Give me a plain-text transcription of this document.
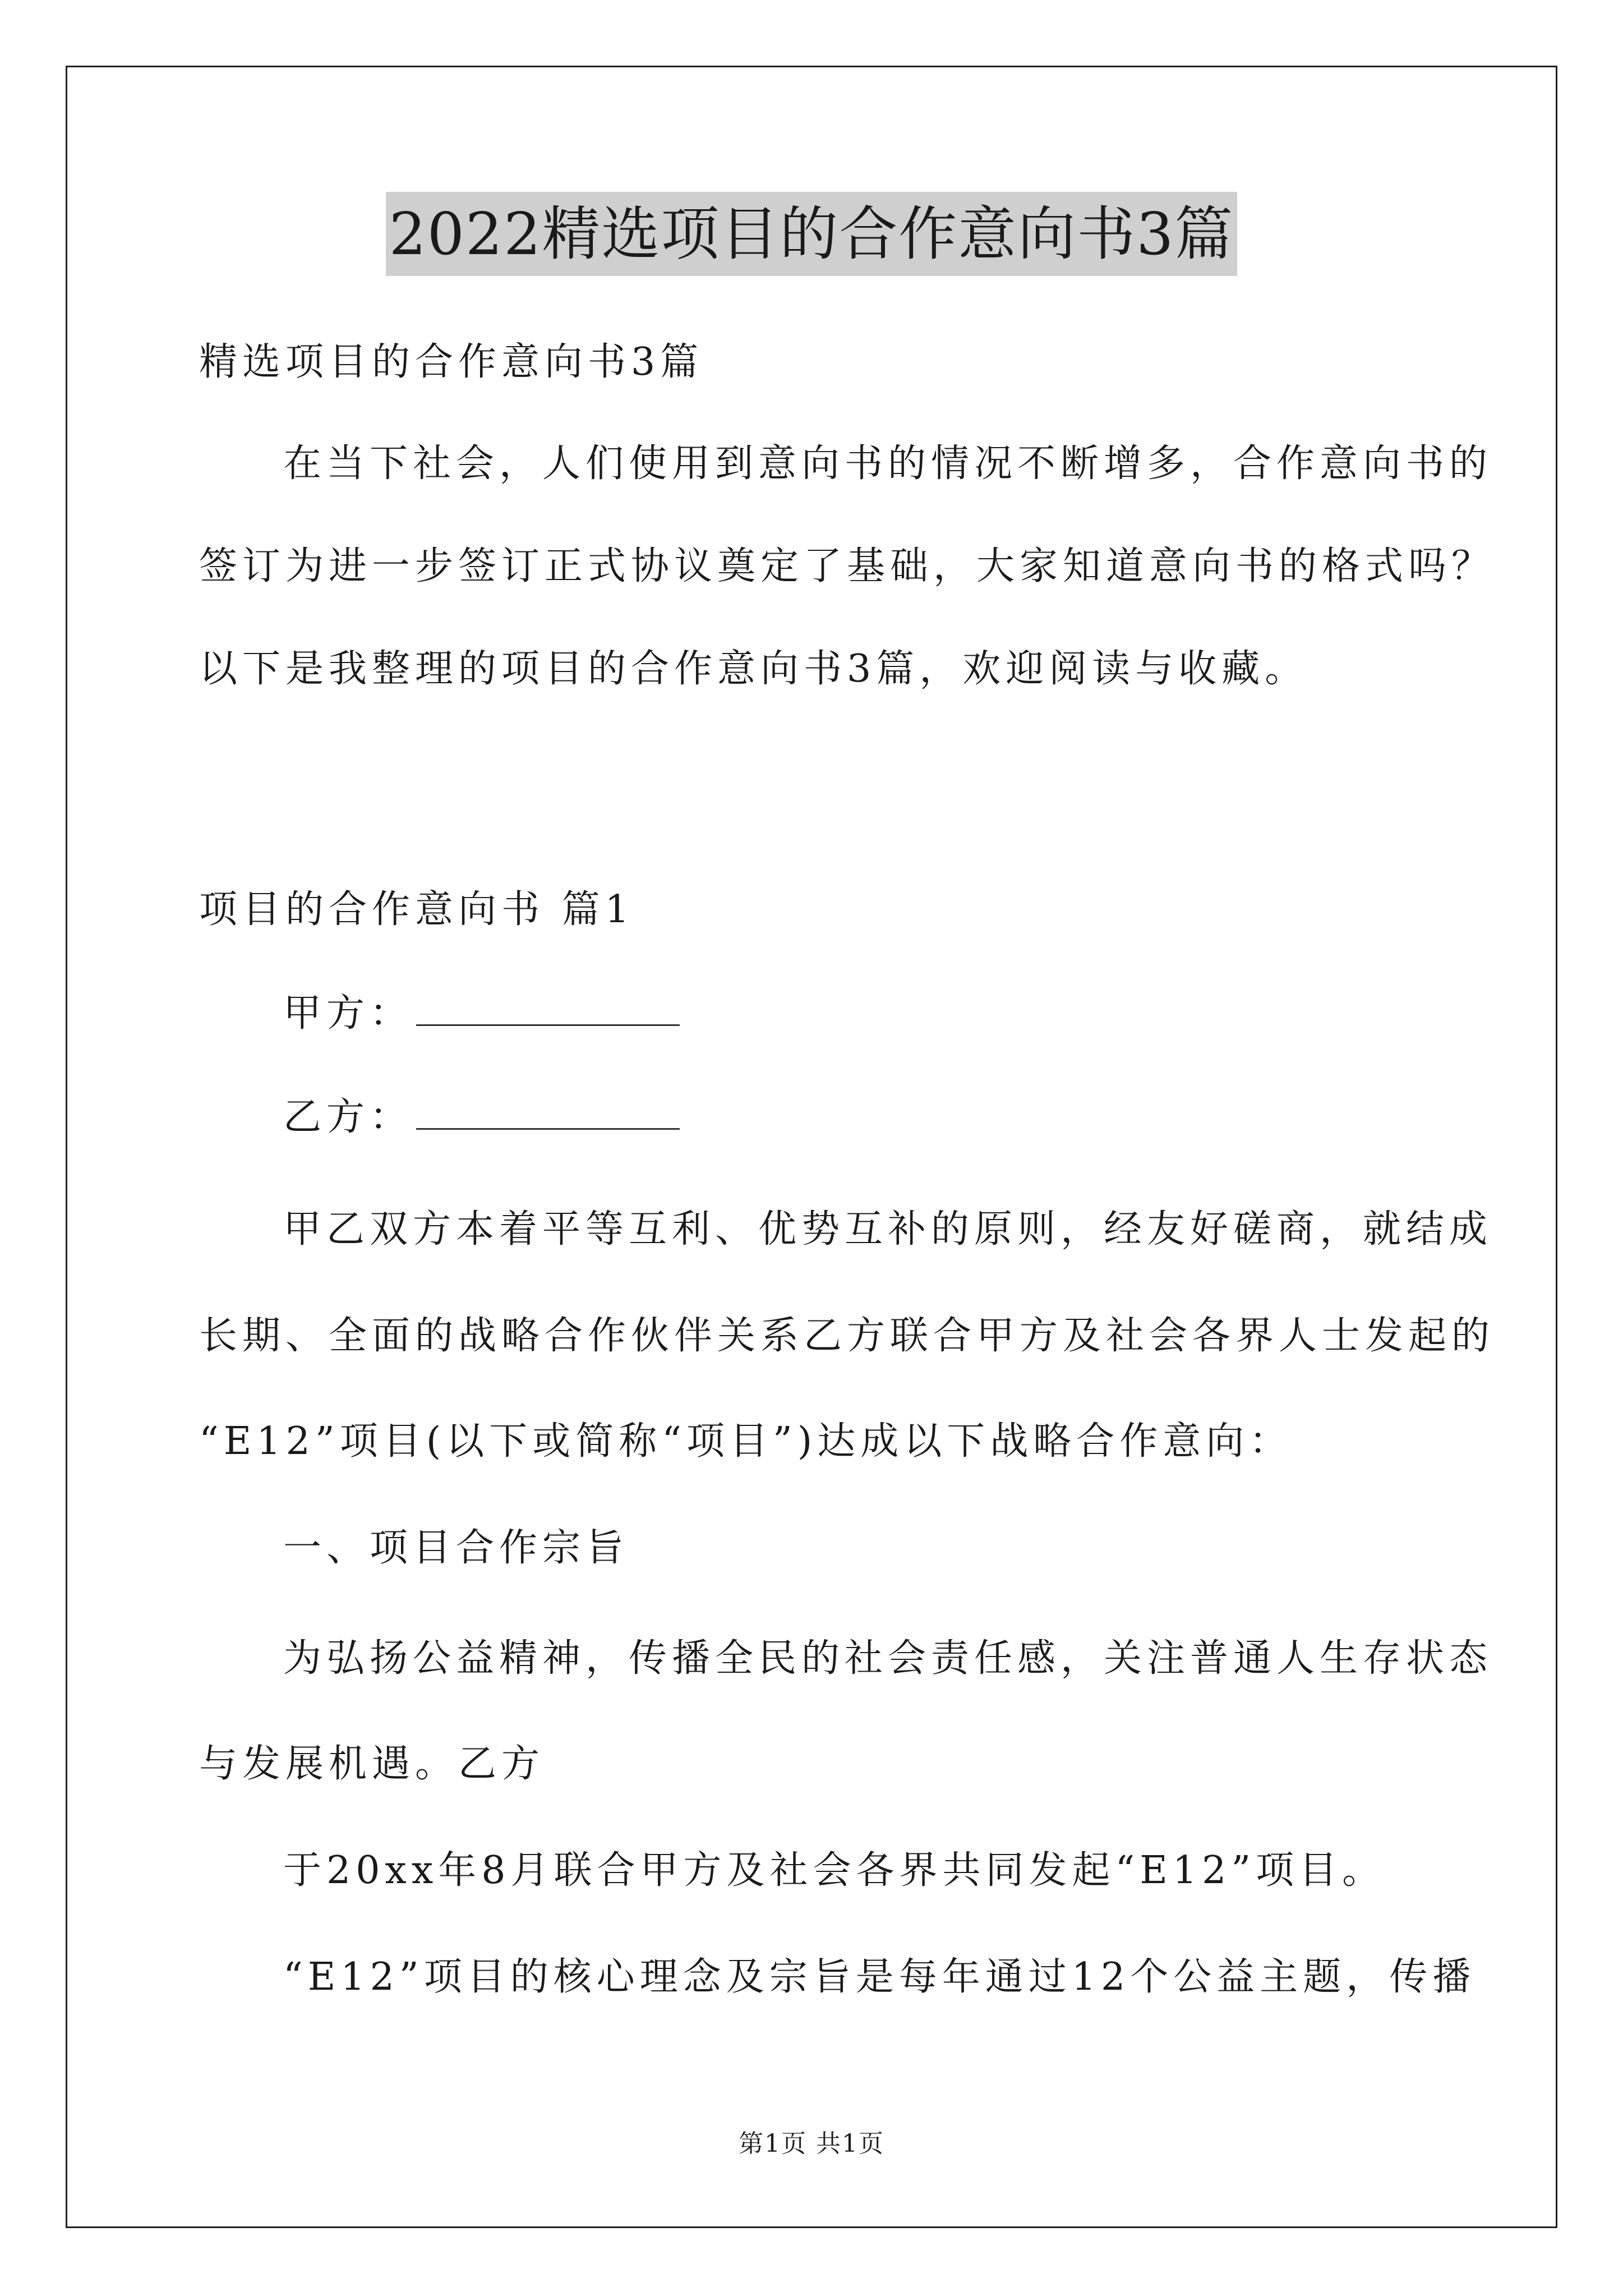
2022精选项目的合作意向书3篇
精选项目的合作意向书3篇
在当下社会，人们使用到意向书的情况不断增多，合作意向书的
签订为进一步签订正式协议奠定了基础，大家知道意向书的格式吗？
以下是我整理的项目的合作意向书3篇，欢迎阅读与收藏。
项目的合作意向书 篇1
甲方：
乙方：
甲乙双方本着平等互利、优势互补的原则，经友好磋商，就结成
长期、全面的战略合作伙伴关系乙方联合甲方及社会各界人士发起的
“E12”项目(以下或简称“项目”)达成以下战略合作意向：
一、项目合作宗旨
为弘扬公益精神，传播全民的社会责任感，关注普通人生存状态
与发展机遇。乙方
于20xx年8月联合甲方及社会各界共同发起“E12”项目。
“E12”项目的核心理念及宗旨是每年通过12个公益主题，传播
第1页 共1页
